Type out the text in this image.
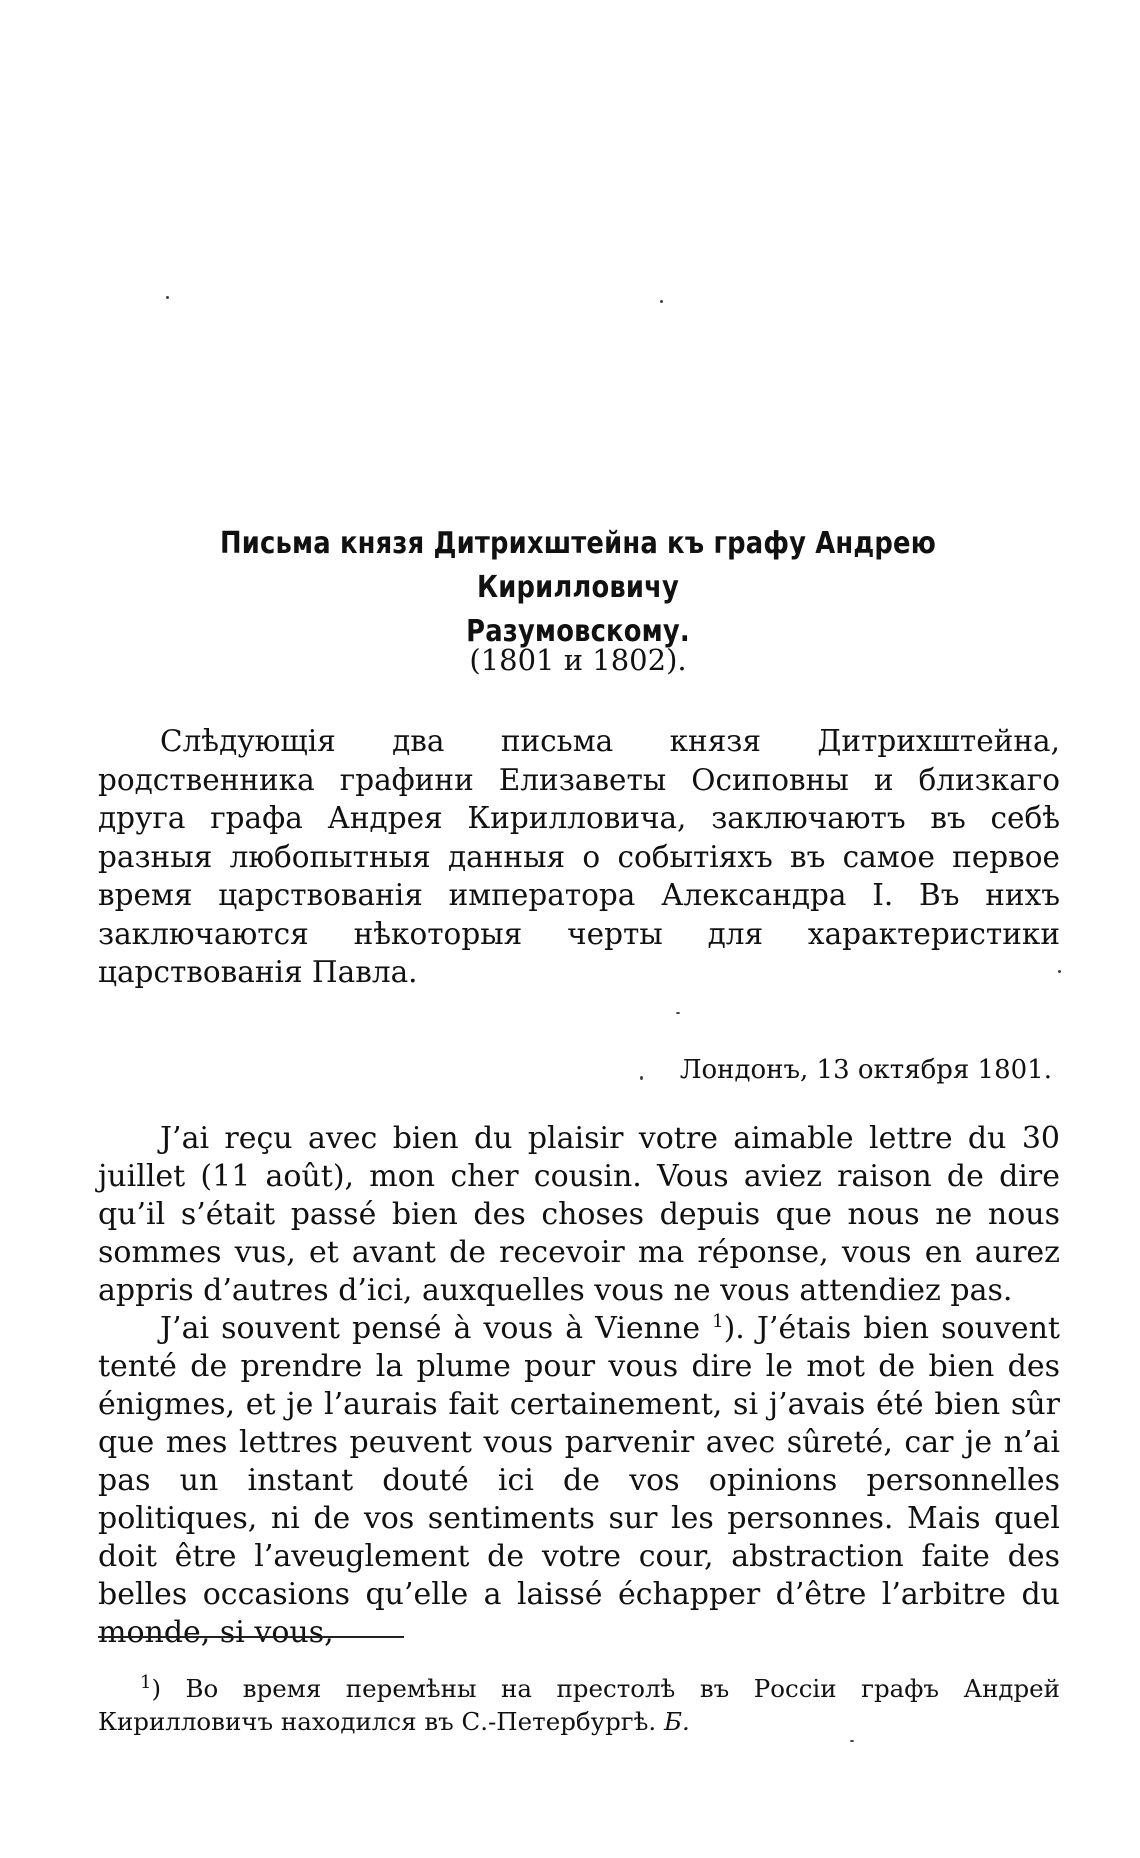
Письма князя Дитрихштейна къ графу Андрею Кирилловичу
Разумовскому.

(1801 и 1802).

Слѣдующія два письма князя Дитрихштейна, родственника графини Елизаветы Осиповны и близкаго друга графа Андрея Кирилловича, заключаютъ въ себѣ разныя любопытныя данныя о событіяхъ въ самое первое время царствованія императора Александра I. Въ нихъ заключаются нѣкоторыя черты для характеристики царствованія Павла.

Лондонъ, 13 октября 1801.

J’ai reçu avec bien du plaisir votre aimable lettre du 30 juillet (11 août), mon cher cousin. Vous aviez raison de dire qu’il s’était passé bien des choses depuis que nous ne nous sommes vus, et avant de recevoir ma réponse, vous en aurez appris d’autres d’ici, auxquelles vous ne vous attendiez pas.

J’ai souvent pensé à vous à Vienne $^1$). J’étais bien souvent tenté de prendre la plume pour vous dire le mot de bien des énigmes, et je l’aurais fait certainement, si j’avais été bien sûr que mes lettres peuvent vous parvenir avec sûreté, car je n’ai pas un instant douté ici de vos opinions personnelles politiques, ni de vos sentiments sur les personnes. Mais quel doit être l’aveuglement de votre cour, abstraction faite des belles occasions qu’elle a laissé échapper d’être l’arbitre du monde, si vous,

$^1$) Во время перемѣны на престолѣ въ Россіи графъ Андрей Кирилловичъ находился въ С.-Петербургѣ. Б.
